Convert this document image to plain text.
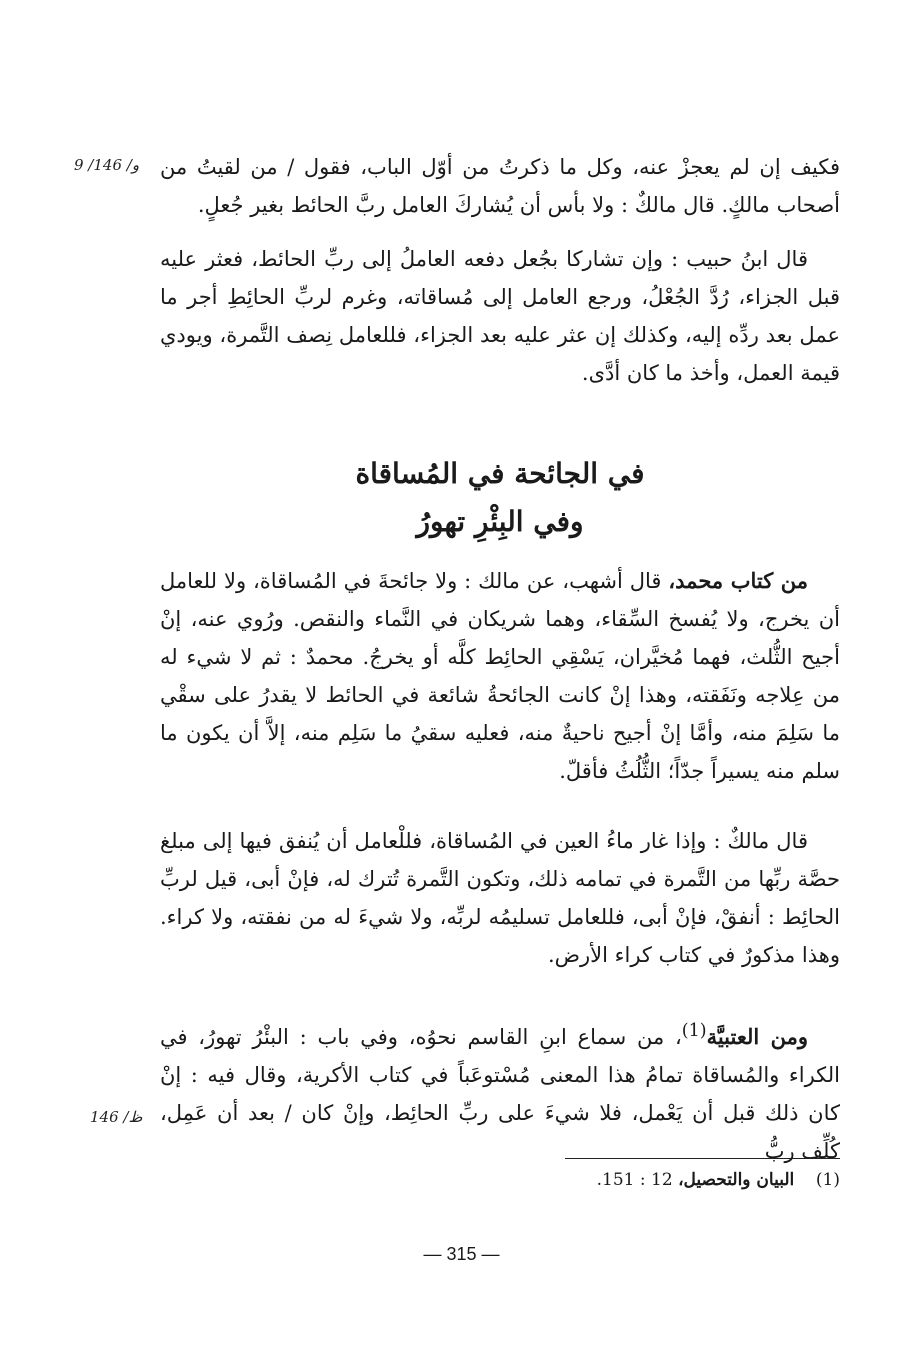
9 /146 /و فكيف إن لم يعجزْ عنه، وكل ما ذكرتُ من أوّل الباب، فقول / من لقيتُ من أصحاب مالكٍ. قال مالكٌ : ولا بأس أن يُشاركَ العامل ربَّ الحائط بغير جُعلٍ.

قال ابنُ حبيب : وإن تشاركا بجُعل دفعه العاملُ إلى ربِّ الحائط، فعثر عليه قبل الجزاء، رُدَّ الجُعْلُ، ورجع العامل إلى مُساقاته، وغرم لربِّ الحائِطِ أجر ما عمل بعد ردِّه إليه، وكذلك إن عثر عليه بعد الجزاء، فللعامل نِصف التَّمرة، ويودي قيمة العمل، وأخذ ما كان أدَّى.

في الجائحة في المُساقاة
وفي البِئْرِ تهورُ

من كتاب محمد، قال أشهب، عن مالك : ولا جائحةَ في المُساقاة، ولا للعامل أن يخرج، ولا يُفسخ السِّقاء، وهما شريكان في النَّماء والنقص. ورُوي عنه، إنْ أجيح الثُّلث، فهما مُخيَّران، يَسْقِي الحائِط كلَّه أو يخرجُ. محمدٌ : ثم لا شيء له من عِلاجه ونَفَقته، وهذا إنْ كانت الجائحةُ شائعة في الحائط لا يقدرُ على سقْي ما سَلِمَ منه، وأمَّا إنْ أجيح ناحيةٌ منه، فعليه سقيُ ما سَلِم منه، إلاَّ أن يكون ما سلم منه يسيراً جدّاً؛ الثُّلُثُ فأقلّ.

قال مالكٌ : وإذا غار ماءُ العين في المُساقاة، فللْعامل أن يُنفق فيها إلى مبلغ حصَّة ربِّها من التَّمرة في تمامه ذلك، وتكون التَّمرة تُترك له، فإنْ أبى، قيل لربِّ الحائِط : أنفقْ، فإنْ أبى، فللعامل تسليمُه لربِّه، ولا شيءَ له من نفقته، ولا كراء. وهذا مذكورٌ في كتاب كراء الأرض.

ومن العتبيَّة$^{(1)}$، من سماع ابنِ القاسم نحوُه، وفي باب : البئْرُ تهورُ، في الكراء والمُساقاة تمامُ هذا المعنى مُسْتوعَباً في كتاب الأكرية، وقال فيه : إنْ كان ذلك قبل أن يَعْمل، فلا شيءَ على ربِّ الحائِط، وإنْ كان / بعد أن عَمِل، كُلِّف ربُّ

146 /ظ
(1)    البيان والتحصيل، 12 : 151.
— 315 —
